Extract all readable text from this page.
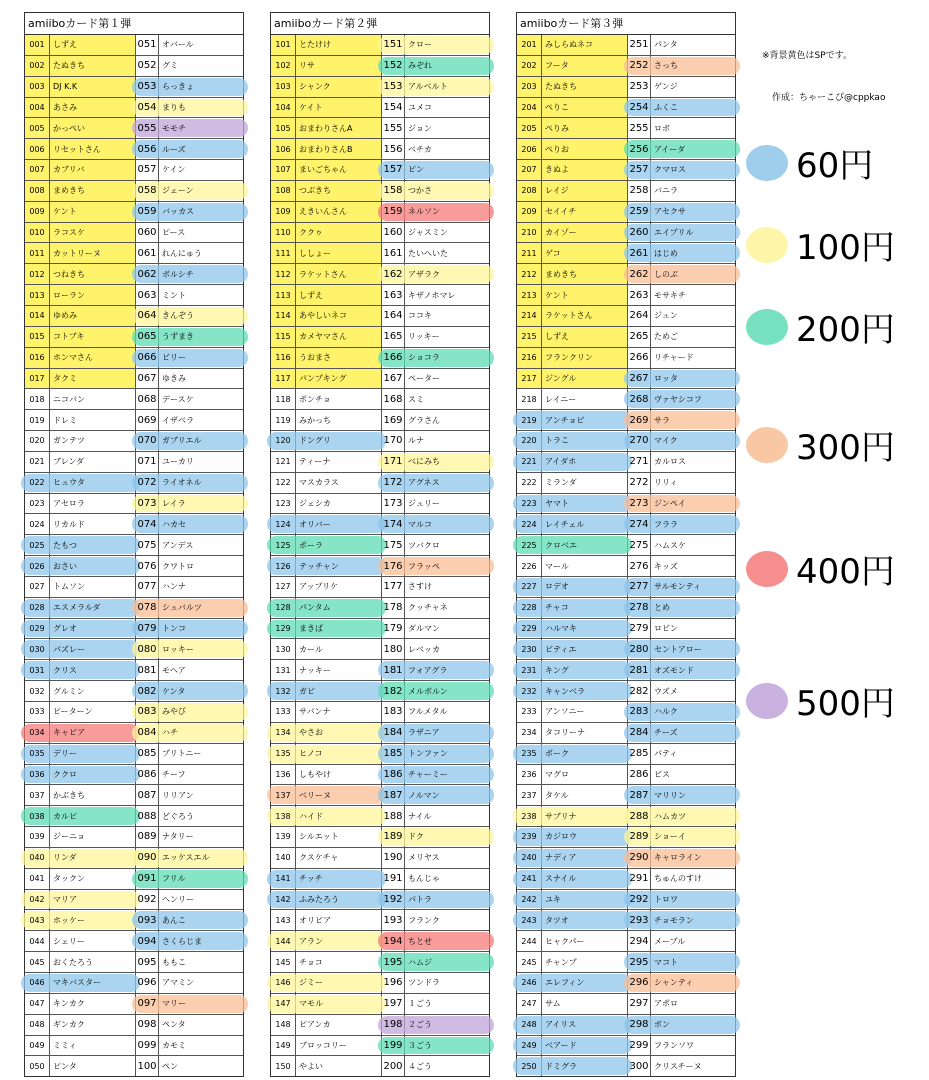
amiiboカード第１弾
001	しずえ	051	オバール
002	たぬきち	052	グミ
003	DJ K.K	053	らっきょ
004	あさみ	054	まりも
005	かっぺい	055	モモチ
006	リセットさん	056	ルーズ
007	カブリバ	057	ケイン
008	まめきち	058	ジェーン
009	ケント	059	バッカス
010	ラコスケ	060	ピース
011	カットリーヌ	061	れんにゅう
012	つねきち	062	ボルシチ
013	ローラン	063	ミント
014	ゆめみ	064	きんぞう
015	コトブキ	065	うずまき
016	ホンマさん	066	ビリー
017	タクミ	067	ゆきみ
018	ニコバン	068	デースケ
019	ドレミ	069	イザベラ
020	ガンテツ	070	ガブリエル
021	ブレンダ	071	ユーカリ
022	ヒュウタ	072	ライオネル
023	アセロラ	073	レイラ
024	リカルド	074	ハカセ
025	たもつ	075	アンデス
026	おさい	076	クワトロ
027	トムソン	077	ハンナ
028	エスメラルダ	078	シュバルツ
029	グレオ	079	トンコ
030	パズレー	080	ロッキー
031	クリス	081	モヘア
032	グルミン	082	ケンタ
033	ピーターン	083	みやび
034	キャビア	084	ハチ
035	デリー	085	プリトニー
036	ククロ	086	チーフ
037	かぶきち	087	リリアン
038	カルピ	088	どぐろう
039	ジーニョ	089	ナタリー
040	リンダ	090	エッケスエル
041	タックン	091	フリル
042	マリア	092	ヘンリー
043	ホッケー	093	あんこ
044	シェリー	094	さくらじま
045	おくたろう	095	ももこ
046	マキバスター	096	アマミン
047	キンカク	097	マリー
048	ギンカク	098	ペンタ
049	ミミィ	099	カモミ
050	ピンタ	100	ペン
amiiboカード第２弾
101	とたけけ	151	クロー
102	リサ	152	みぞれ
103	シャンク	153	アルベルト
104	ケイト	154	ユメコ
105	おまわりさんA	155	ジョン
106	おまわりさんB	156	ベチカ
107	まいごちゃん	157	ピン
108	つぶきち	158	つかさ
109	えきいんさん	159	ネルソン
110	ククゥ	160	ジャスミン
111	ししょー	161	たいへいた
112	ラケットさん	162	アザラク
113	しずえ	163	キザノホマレ
114	あやしいネコ	164	ココキ
115	カメヤマさん	165	リッキー
116	うおまさ	166	ショコラ
117	パンプキング	167	ペーター
118	ポンチョ	168	スミ
119	みかっち	169	グラさん
120	ドングリ	170	ルナ
121	ティーナ	171	べにみち
122	マスカラス	172	アグネス
123	ジェシカ	173	ジュリー
124	オリバー	174	マルコ
125	ポーラ	175	ツバクロ
126	テッチャン	176	フラッペ
127	アップリケ	177	さすけ
128	パンタム	178	クッチャネ
129	まきば	179	ダルマン
130	カール	180	レベッカ
131	ナッキー	181	フォアグラ
132	ガビ	182	メルボルン
133	サバンナ	183	フルメタル
134	やさお	184	ラザニア
135	ヒノコ	185	トンファン
136	しもやけ	186	チャーミー
137	ベリーヌ	187	ノルマン
138	ハイド	188	ナイル
139	シルエット	189	ドク
140	クスケチャ	190	メリヤス
141	チッチ	191	もんじゃ
142	ふみたろう	192	パトラ
143	オリビア	193	フランク
144	アラン	194	ちとせ
145	チョコ	195	ハムジ
146	ジミー	196	ツンドラ
147	マモル	197	１ごう
148	ピアンカ	198	２ごう
149	ブロッコリー	199	３ごう
150	やよい	200	４ごう
amiiboカード第３弾
201	みしらぬネコ	251	パンタ
202	フータ	252	さっち
203	たぬきち	253	ゲンジ
204	ぺりこ	254	ふくこ
205	ぺりみ	255	ロボ
206	ぺりお	256	アイーダ
207	きぬよ	257	クマロス
208	レイジ	258	バニラ
209	セイイチ	259	アセクサ
210	カイゾー	260	エイプリル
211	ゲコ	261	はじめ
212	まめきち	262	しのぶ
213	ケント	263	モサキチ
214	ラケットさん	264	ジュン
215	しずえ	265	ためご
216	フランクリン	266	リチャード
217	ジングル	267	ロッタ
218	レイニー	268	ヴァヤシコフ
219	アンチョビ	269	サラ
220	トラこ	270	マイク
221	アイダホ	271	カルロス
222	ミランダ	272	リリィ
223	ヤマト	273	ジンペイ
224	レイチェル	274	フララ
225	クロベエ	275	ハムスケ
226	マール	276	キッズ
227	ロデオ	277	サルモンティ
228	チャコ	278	とめ
229	ハルマキ	279	ロビン
230	ビティエ	280	セントアロー
231	キング	281	オズモンド
232	キャンベラ	282	ウズメ
233	アンソニー	283	ハルク
234	タコリーナ	284	チーズ
235	ボーク	285	パティ
236	マグロ	286	ビス
237	タケル	287	マリリン
238	サブリナ	288	ハムカツ
239	カジロウ	289	ショーイ
240	ナディア	290	キャロライン
241	スナイル	291	ちゅんのすけ
242	ユキ	292	トロワ
243	タツオ	293	チョモラン
244	ヒャクパー	294	メープル
245	チャンプ	295	マコト
246	エレフィン	296	シャンティ
247	サム	297	アポロ
248	アイリス	298	ボン
249	ベアード	299	フランソワ
250	ドミグラ	300	クリスチーヌ
※背景黄色はSPです。
作成：ちゃーこぴ@cppkao
60円
100円
200円
300円
400円
500円
